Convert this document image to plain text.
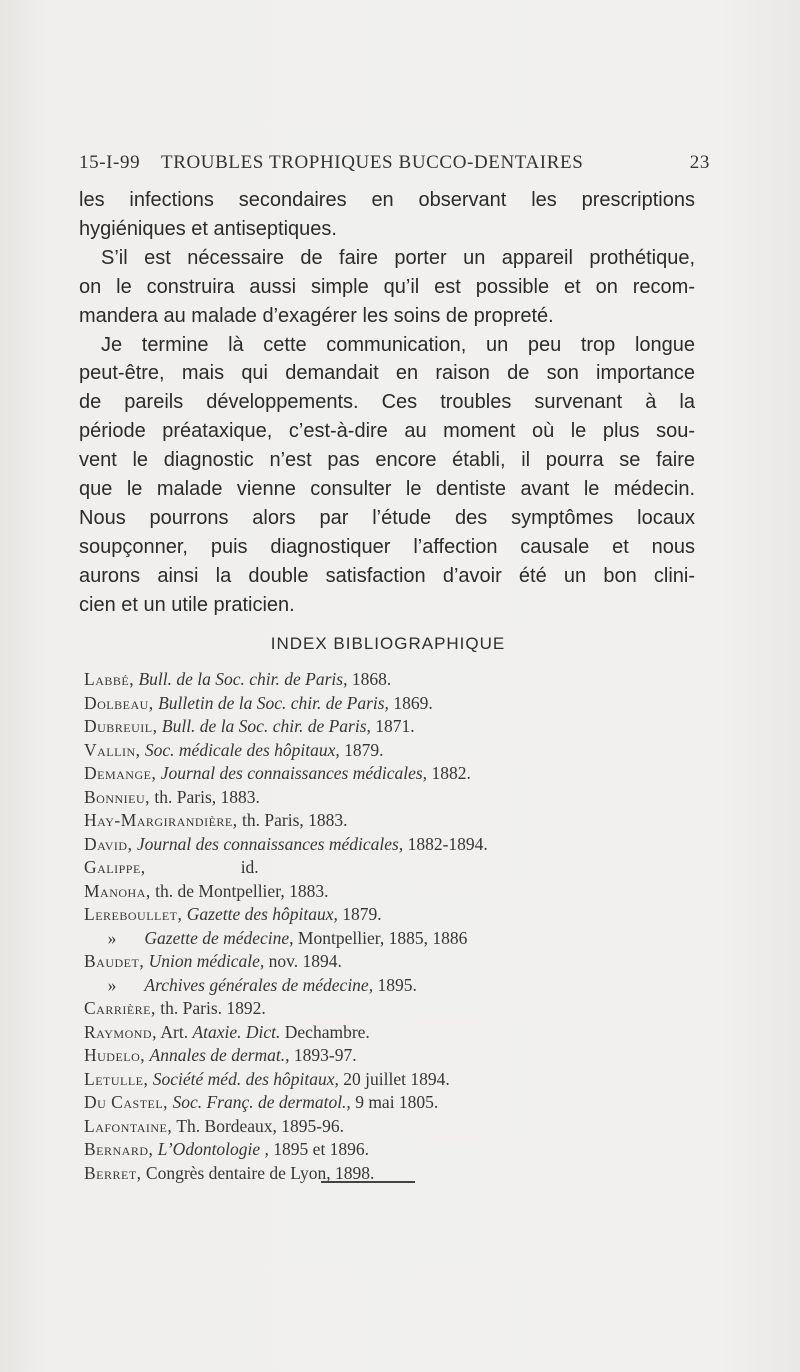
15-I-99 TROUBLES TROPHIQUES BUCCO-DENTAIRES	23
les infections secondaires en observant les prescriptions
hygiéniques et antiseptiques.
S’il est nécessaire de faire porter un appareil prothétique,
on le construira aussi simple qu’il est possible et on recom-
mandera au malade d’exagérer les soins de propreté.
Je termine là cette communication, un peu trop longue
peut-être, mais qui demandait en raison de son importance
de pareils développements. Ces troubles survenant à la
période préataxique, c’est-à-dire au moment où le plus sou-
vent le diagnostic n’est pas encore établi, il pourra se faire
que le malade vienne consulter le dentiste avant le médecin.
Nous pourrons alors par l’étude des symptômes locaux
soupçonner, puis diagnostiquer l’affection causale et nous
aurons ainsi la double satisfaction d’avoir été un bon clini-
cien et un utile praticien.
INDEX BIBLIOGRAPHIQUE
Labbé, Bull. de la Soc. chir. de Paris, 1868.
Dolbeau, Bulletin de la Soc. chir. de Paris, 1869.
Dubreuil, Bull. de la Soc. chir. de Paris, 1871.
Vallin, Soc. médicale des hôpitaux, 1879.
Demange, Journal des connaissances médicales, 1882.
Bonnieu, th. Paris, 1883.
Hay-Margirandière, th. Paris, 1883.
David, Journal des connaissances médicales, 1882-1894.
Galippe,	id.
Manoha, th. de Montpellier, 1883.
Lereboullet, Gazette des hôpitaux, 1879.
» Gazette de médecine, Montpellier, 1885, 1886
Baudet, Union médicale, nov. 1894.
» Archives générales de médecine, 1895.
Carrière, th. Paris. 1892.
Raymond, Art. Ataxie. Dict. Dechambre.
Hudelo, Annales de dermat., 1893-97.
Letulle, Société méd. des hôpitaux, 20 juillet 1894.
Du Castel, Soc. Franç. de dermatol., 9 mai 1805.
Lafontaine, Th. Bordeaux, 1895-96.
Bernard, L’Odontologie , 1895 et 1896.
Berret, Congrès dentaire de Lyon, 1898.
